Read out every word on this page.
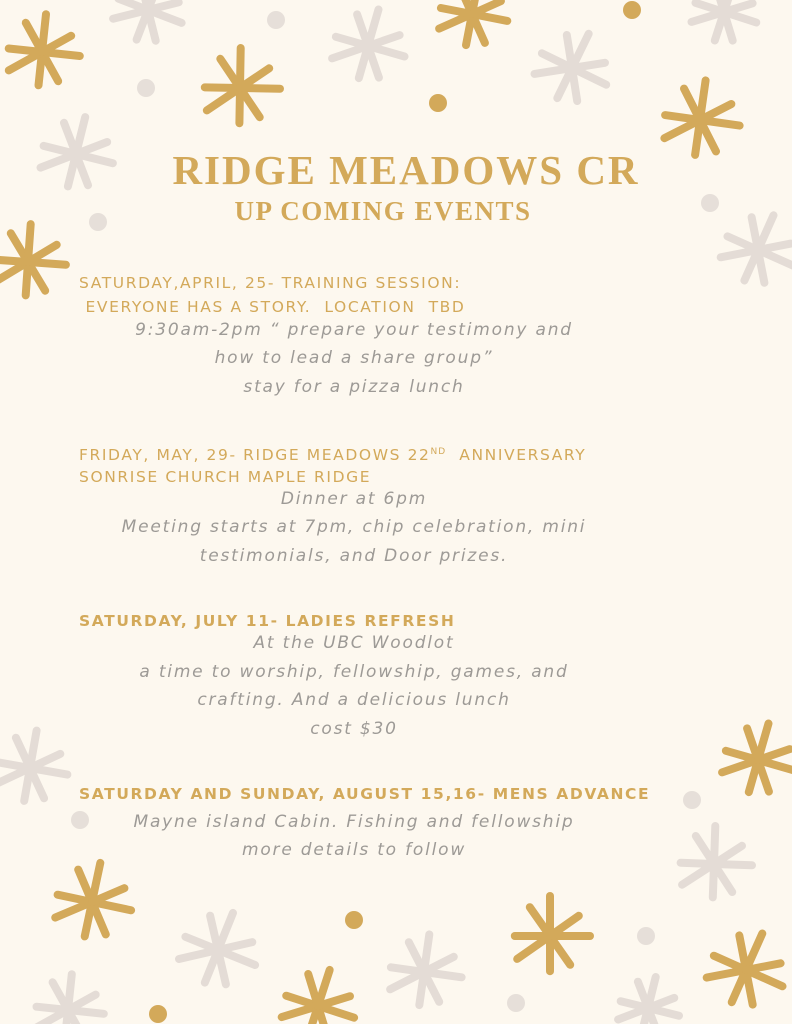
RIDGE MEADOWS CR
UP COMING EVENTS

SATURDAY,APRIL, 25- TRAINING SESSION:

EVERYONE HAS A STORY.  LOCATION  TBD

9:30am-2pm “ prepare your testimony and

how to lead a share group”

stay for a pizza lunch

FRIDAY, MAY, 29- RIDGE MEADOWS 22ND  ANNIVERSARY

SONRISE CHURCH MAPLE RIDGE

Dinner at 6pm

Meeting starts at 7pm, chip celebration, mini

testimonials, and Door prizes.

SATURDAY, JULY 11- LADIES REFRESH

At the UBC Woodlot

a time to worship, fellowship, games, and

crafting. And a delicious lunch

cost $30

SATURDAY AND SUNDAY, AUGUST 15,16- MENS ADVANCE

Mayne island Cabin. Fishing and fellowship

more details to follow
